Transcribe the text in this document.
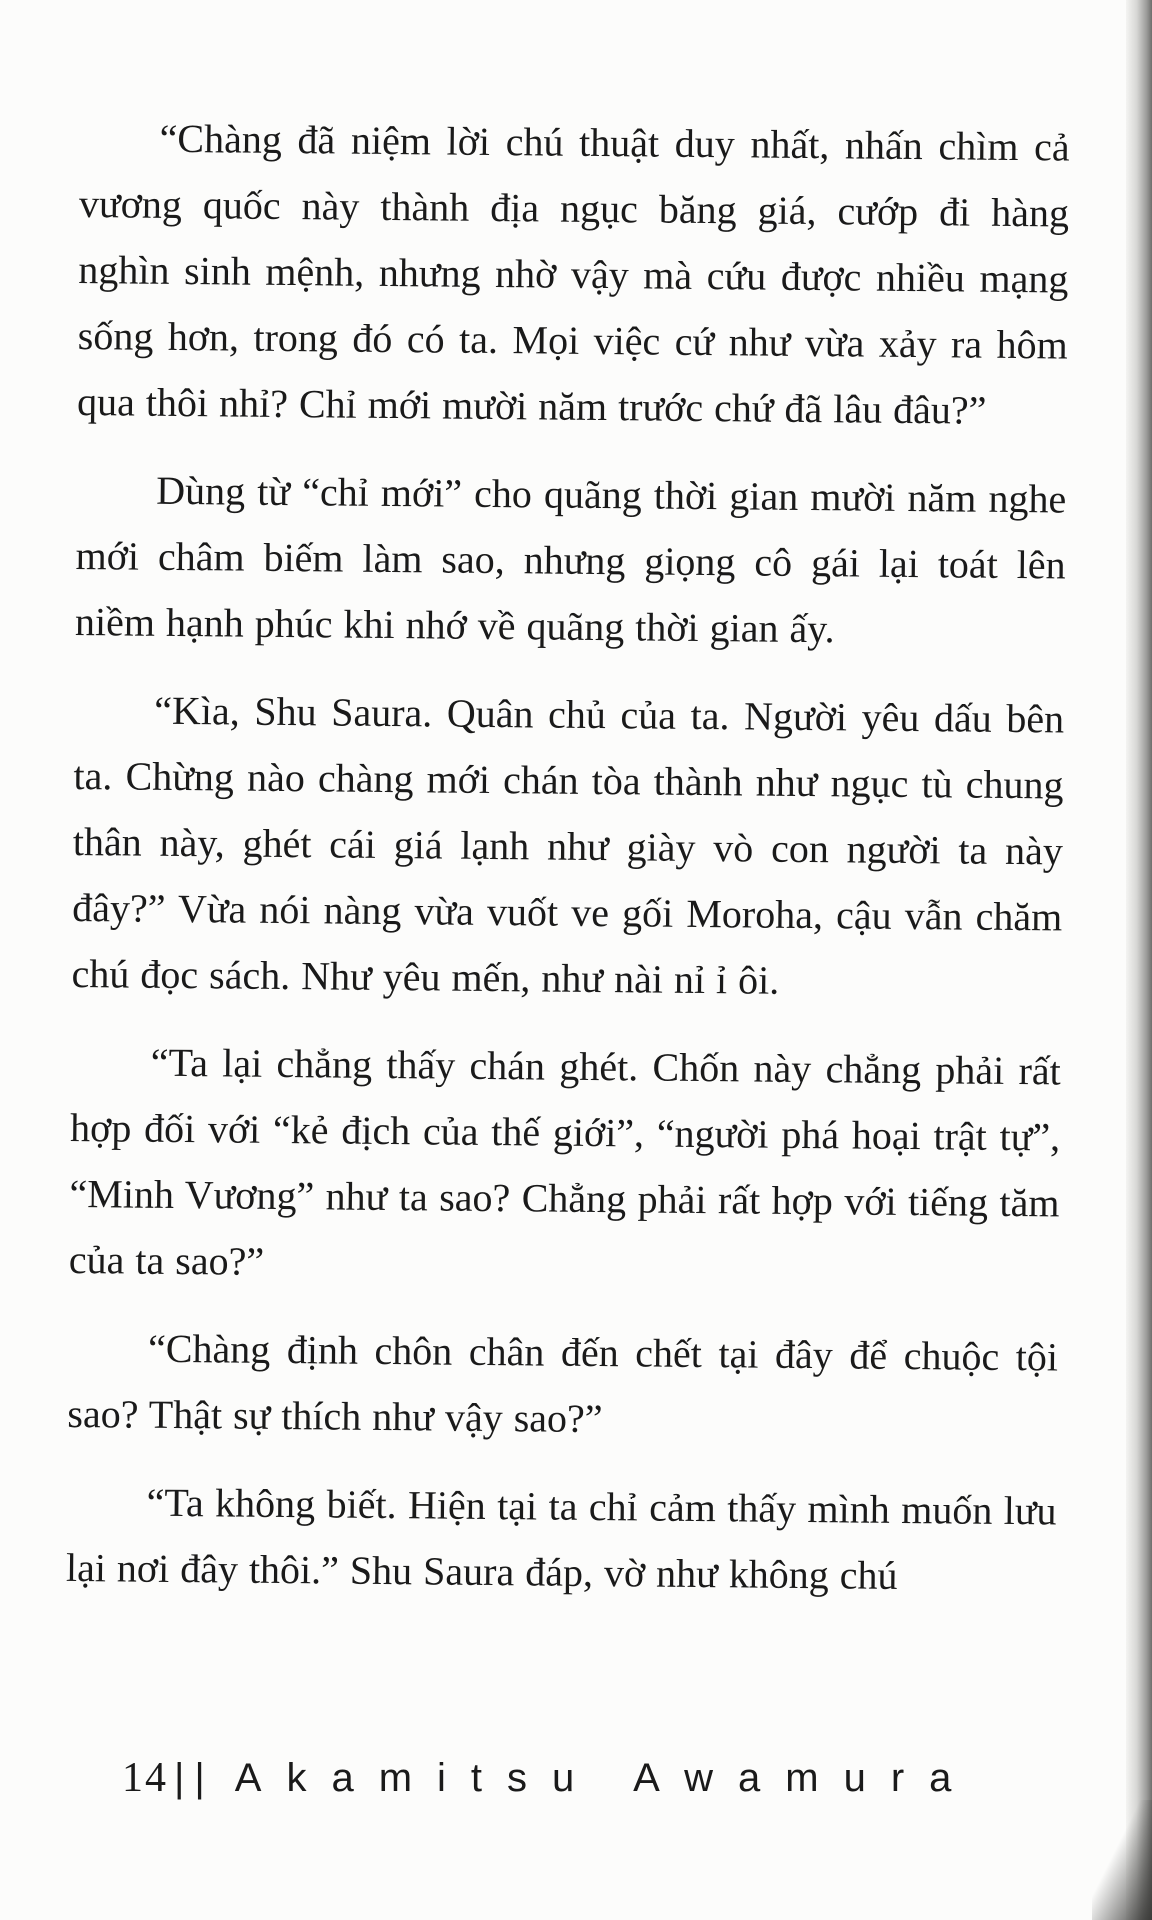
“Chàng đã niệm lời chú thuật duy nhất, nhấn chìm cả vương quốc này thành địa ngục băng giá, cướp đi hàng nghìn sinh mệnh, nhưng nhờ vậy mà cứu được nhiều mạng sống hơn, trong đó có ta. Mọi việc cứ như vừa xảy ra hôm qua thôi nhỉ? Chỉ mới mười năm trước chứ đã lâu đâu?”

Dùng từ “chỉ mới” cho quãng thời gian mười năm nghe mới châm biếm làm sao, nhưng giọng cô gái lại toát lên niềm hạnh phúc khi nhớ về quãng thời gian ấy.

“Kìa, Shu Saura. Quân chủ của ta. Người yêu dấu bên ta. Chừng nào chàng mới chán tòa thành như ngục tù chung thân này, ghét cái giá lạnh như giày vò con người ta này đây?” Vừa nói nàng vừa vuốt ve gối Moroha, cậu vẫn chăm chú đọc sách. Như yêu mến, như nài nỉ ỉ ôi.

“Ta lại chẳng thấy chán ghét. Chốn này chẳng phải rất hợp đối với “kẻ địch của thế giới”, “người phá hoại trật tự”, “Minh Vương” như ta sao? Chẳng phải rất hợp với tiếng tăm của ta sao?”

“Chàng định chôn chân đến chết tại đây để chuộc tội sao? Thật sự thích như vậy sao?”

“Ta không biết. Hiện tại ta chỉ cảm thấy mình muốn lưu lại nơi đây thôi.” Shu Saura đáp, vờ như không chú

14 || Akamitsu Awamura
